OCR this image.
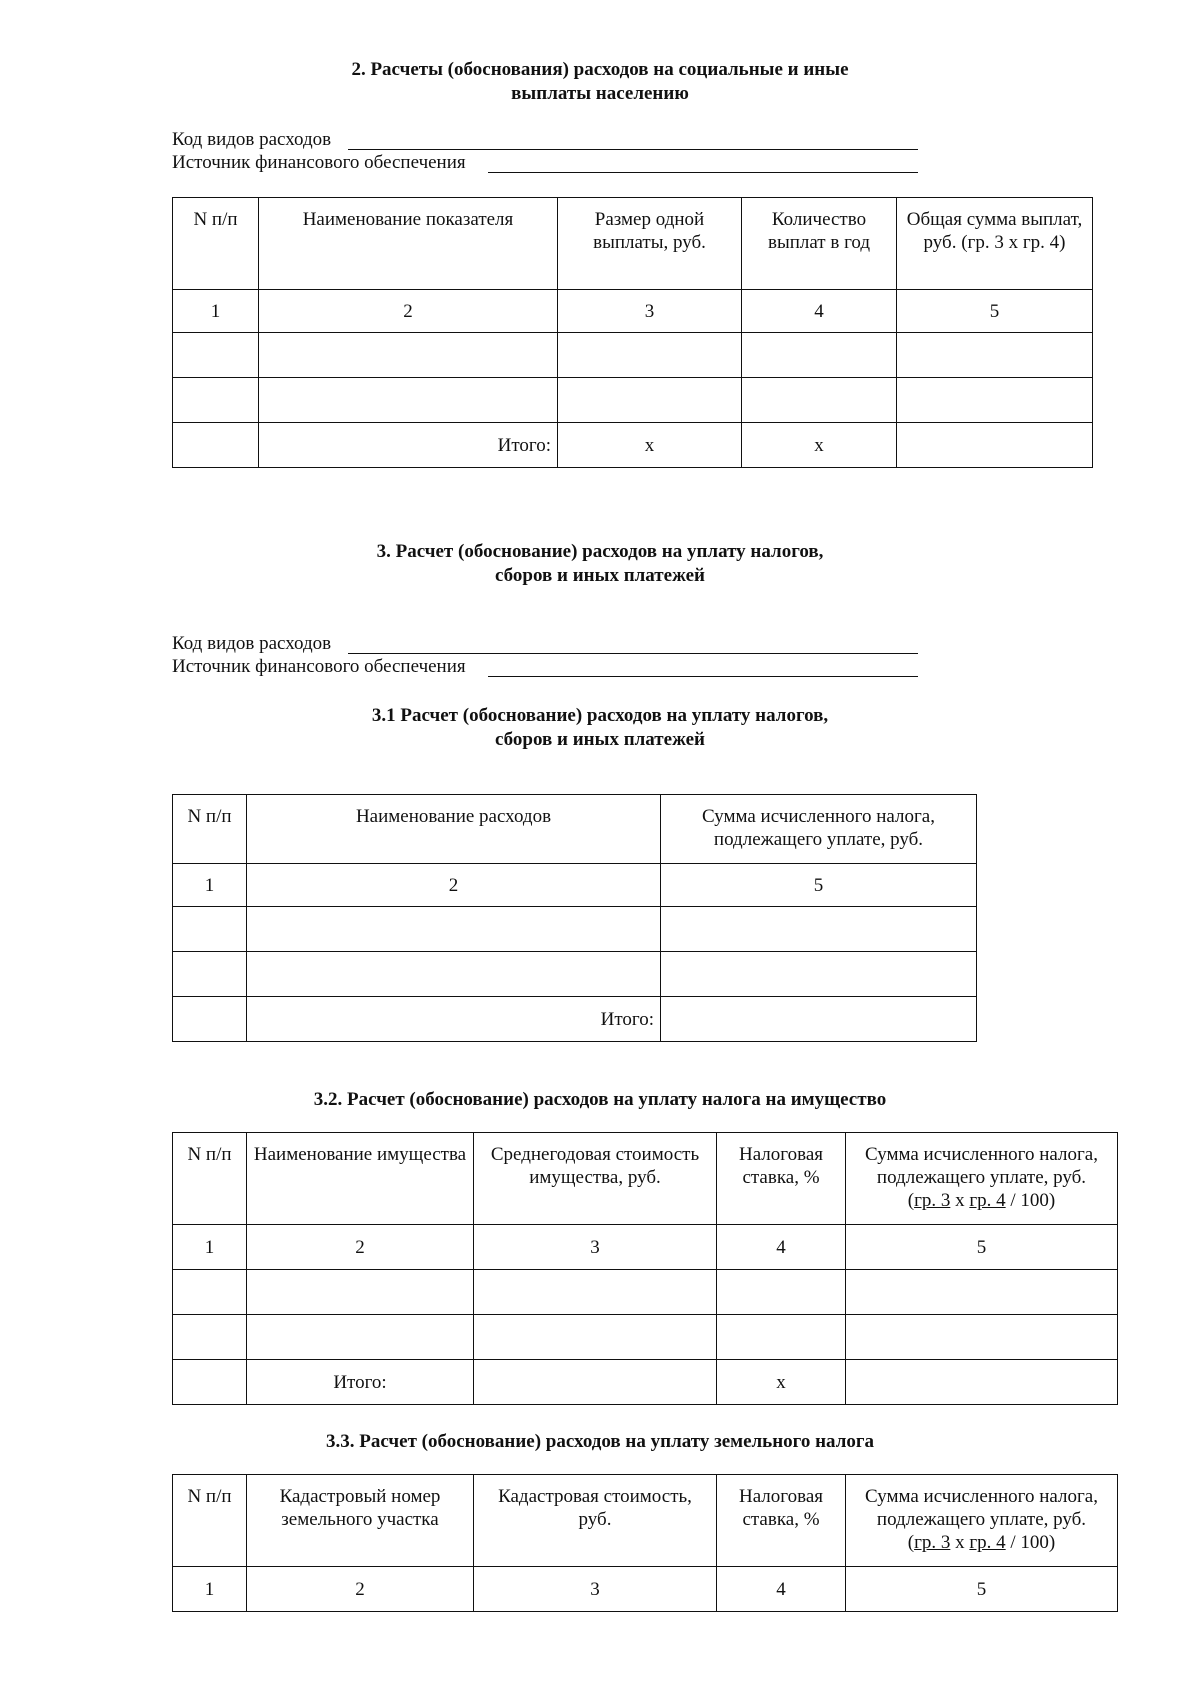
2. Расчеты (обоснования) расходов на социальные и иные
выплаты населению
Код видов расходов
Источник финансового обеспечения
N п/п	Наименование показателя	Размер одной выплаты, руб.	Количество выплат в год	Общая сумма выплат, руб. (гр. 3 х гр. 4)
1	2	3	4	5

	Итого:	х	х	
3. Расчет (обоснование) расходов на уплату налогов,
сборов и иных платежей
Код видов расходов
Источник финансового обеспечения
3.1 Расчет (обоснование) расходов на уплату налогов,
сборов и иных платежей
N п/п	Наименование расходов	Сумма исчисленного налога, подлежащего уплате, руб.
1	2	5

	Итого:	
3.2. Расчет (обоснование) расходов на уплату налога на имущество
N п/п	Наименование имущества	Среднегодовая стоимость имущества, руб.	Налоговая ставка, %	Сумма исчисленного налога,
подлежащего уплате, руб.
(гр. 3 х гр. 4 / 100)
1	2	3	4	5

	Итого:		х	
3.3. Расчет (обоснование) расходов на уплату земельного налога
N п/п	Кадастровый номер земельного участка	Кадастровая стоимость, руб.	Налоговая ставка, %	Сумма исчисленного налога,
подлежащего уплате, руб.
(гр. 3 х гр. 4 / 100)
1	2	3	4	5
